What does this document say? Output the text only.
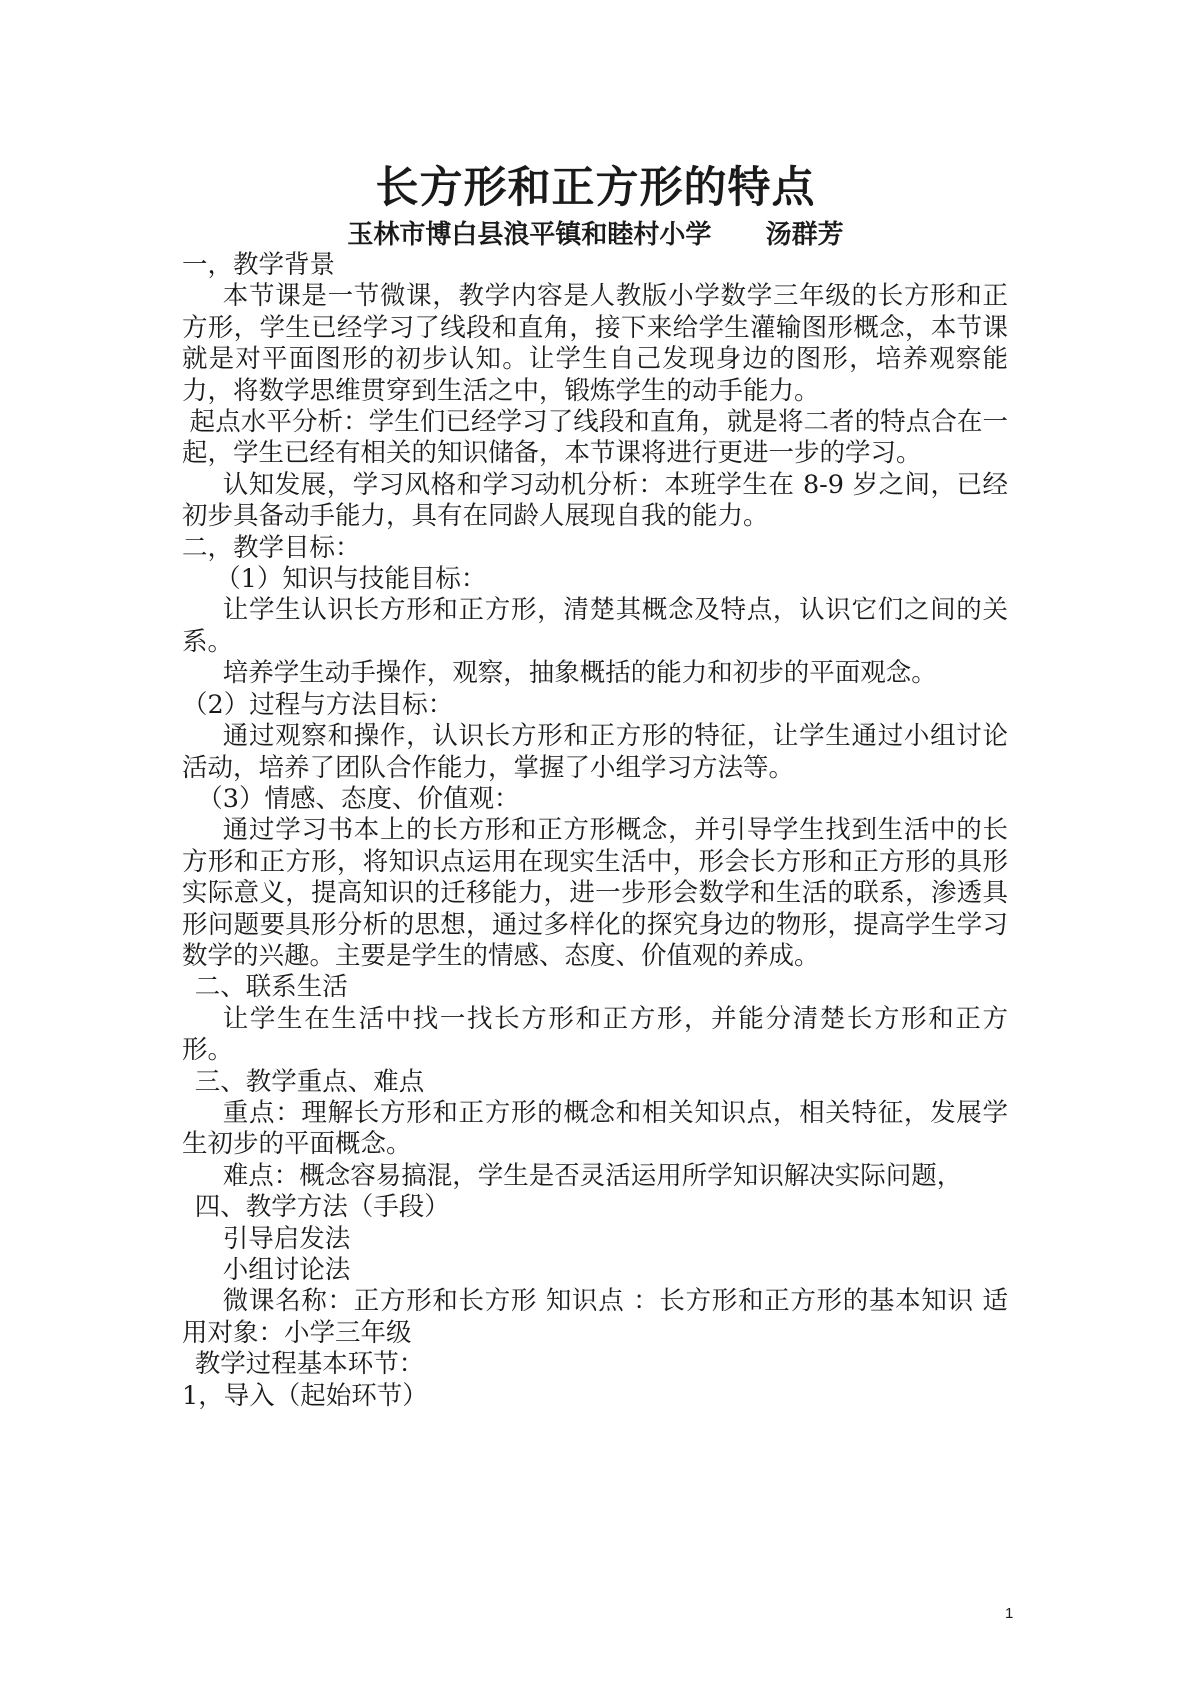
长方形和正方形的特点
玉林市博白县浪平镇和睦村小学      汤群芳

一，教学背景

本节课是一节微课，教学内容是人教版小学数学三年级的长方形和正方形，学生已经学习了线段和直角，接下来给学生灌输图形概念，本节课就是对平面图形的初步认知。让学生自己发现身边的图形，培养观察能力，将数学思维贯穿到生活之中，锻炼学生的动手能力。

起点水平分析：学生们已经学习了线段和直角，就是将二者的特点合在一起，学生已经有相关的知识储备，本节课将进行更进一步的学习。

认知发展，学习风格和学习动机分析：本班学生在 8-9 岁之间，已经初步具备动手能力，具有在同龄人展现自我的能力。

二，教学目标：

（1）知识与技能目标：

让学生认识长方形和正方形，清楚其概念及特点，认识它们之间的关系。

培养学生动手操作，观察，抽象概括的能力和初步的平面观念。

（2）过程与方法目标：

通过观察和操作，认识长方形和正方形的特征，让学生通过小组讨论活动，培养了团队合作能力，掌握了小组学习方法等。

（3）情感、态度、价值观：

通过学习书本上的长方形和正方形概念，并引导学生找到生活中的长方形和正方形，将知识点运用在现实生活中，形会长方形和正方形的具形实际意义，提高知识的迁移能力，进一步形会数学和生活的联系，渗透具形问题要具形分析的思想，通过多样化的探究身边的物形，提高学生学习数学的兴趣。主要是学生的情感、态度、价值观的养成。

二、联系生活

让学生在生活中找一找长方形和正方形，并能分清楚长方形和正方形。

三、教学重点、难点

重点：理解长方形和正方形的概念和相关知识点，相关特征，发展学生初步的平面概念。

难点：概念容易搞混，学生是否灵活运用所学知识解决实际问题，

四、教学方法（手段）

引导启发法

小组讨论法

微课名称：正方形和长方形 知识点 ：长方形和正方形的基本知识 适用对象：小学三年级

教学过程基本环节：

1，导入（起始环节）

1
